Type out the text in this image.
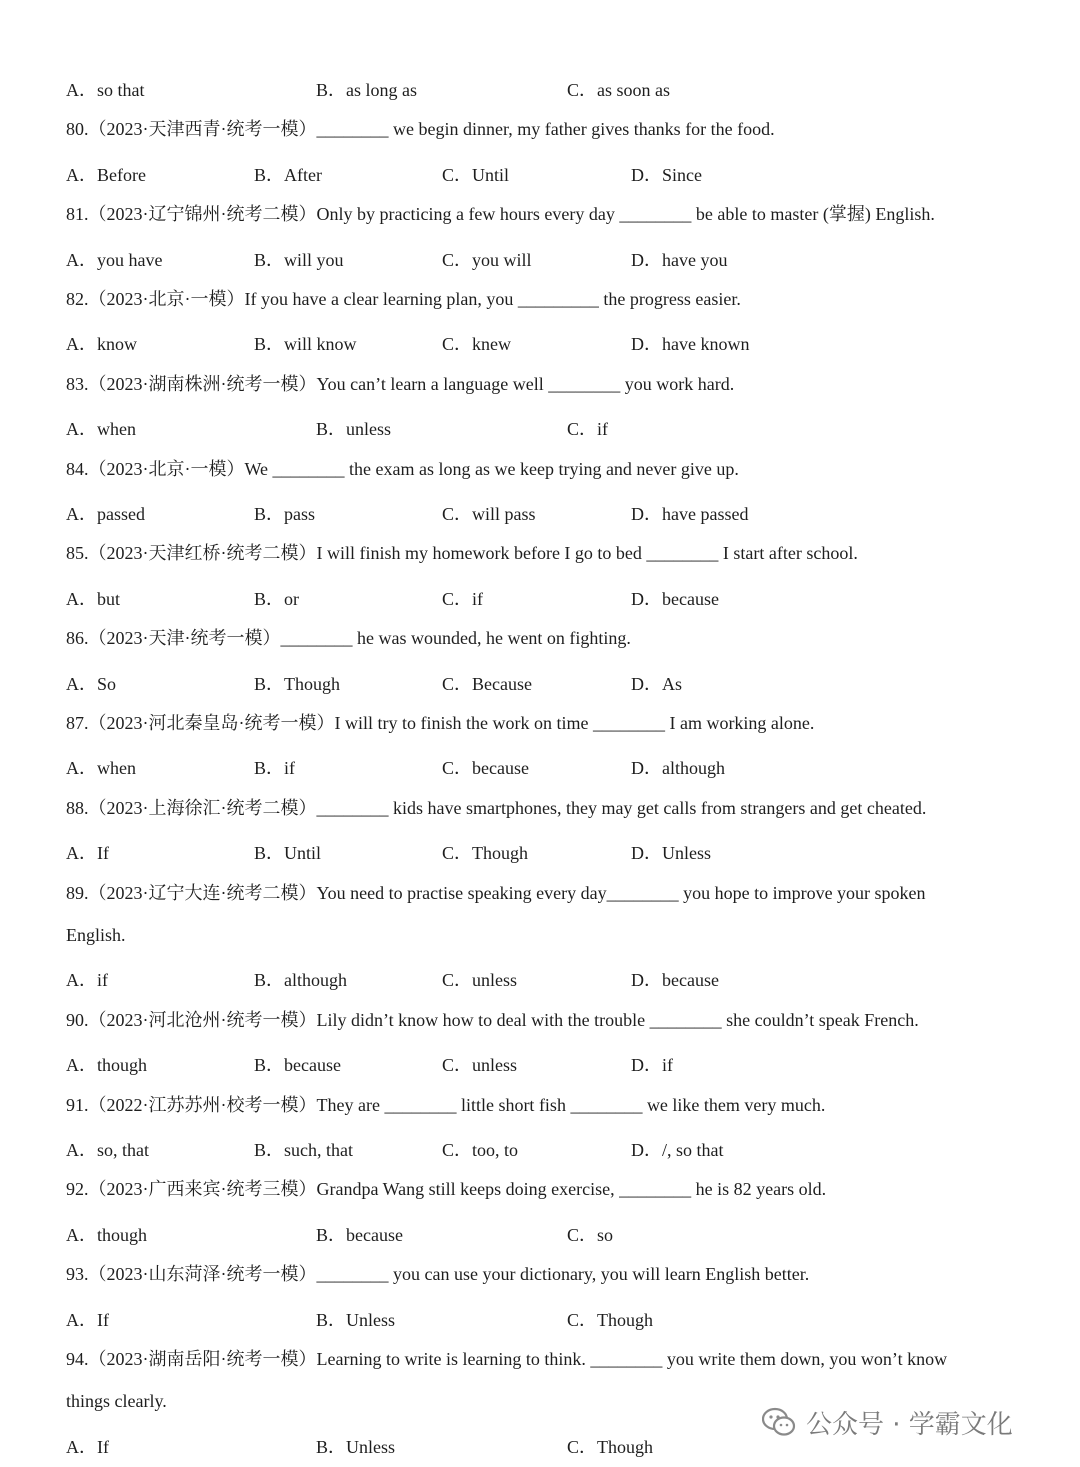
A．so that	B．as long as	C．as soon as
80.（2023·天津西青·统考一模）________ we begin dinner, my father gives thanks for the food.
A．Before	B．After	C．Until	D．Since
81.（2023·辽宁锦州·统考二模）Only by practicing a few hours every day ________ be able to master (掌握) English.
A．you have	B．will you	C．you will	D．have you
82.（2023·北京·一模）If you have a clear learning plan, you _________ the progress easier.
A．know	B．will know	C．knew	D．have known
83.（2023·湖南株洲·统考一模）You can’t learn a language well ________ you work hard.
A．when	B．unless	C．if
84.（2023·北京·一模）We ________ the exam as long as we keep trying and never give up.
A．passed	B．pass	C．will pass	D．have passed
85.（2023·天津红桥·统考二模）I will finish my homework before I go to bed ________ I start after school.
A．but	B．or	C．if	D．because
86.（2023·天津·统考一模）________ he was wounded, he went on fighting.
A．So	B．Though	C．Because	D．As
87.（2023·河北秦皇岛·统考一模）I will try to finish the work on time ________ I am working alone.
A．when	B．if	C．because	D．although
88.（2023·上海徐汇·统考二模）________ kids have smartphones, they may get calls from strangers and get cheated.
A．If	B．Until	C．Though	D．Unless
89.（2023·辽宁大连·统考二模）You need to practise speaking every day________ you hope to improve your spoken
English.
A．if	B．although	C．unless	D．because
90.（2023·河北沧州·统考一模）Lily didn’t know how to deal with the trouble ________ she couldn’t speak French.
A．though	B．because	C．unless	D．if
91.（2022·江苏苏州·校考一模）They are ________ little short fish ________ we like them very much.
A．so, that	B．such, that	C．too, to	D．/, so that
92.（2023·广西来宾·统考三模）Grandpa Wang still keeps doing exercise, ________ he is 82 years old.
A．though	B．because	C．so
93.（2023·山东菏泽·统考一模）________ you can use your dictionary, you will learn English better.
A．If	B．Unless	C．Though
94.（2023·湖南岳阳·统考一模）Learning to write is learning to think. ________ you write them down, you won’t know
things clearly.
A．If	B．Unless	C．Though
公众号 · 学霸文化
